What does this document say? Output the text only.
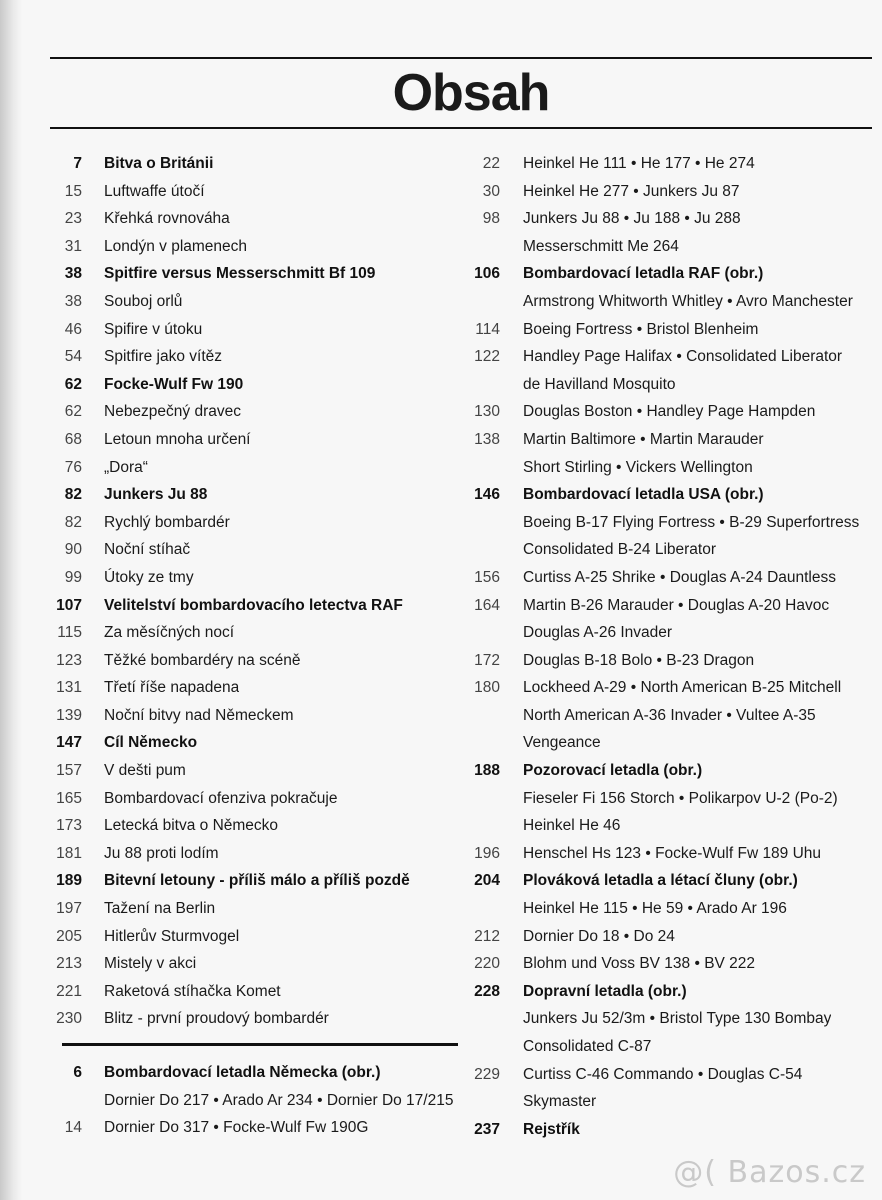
Obsah
7	Bitva o Británii
15	Luftwaffe útočí
23	Křehká rovnováha
31	Londýn v plamenech
38	Spitfire versus Messerschmitt Bf 109
38	Souboj orlů
46	Spifire v útoku
54	Spitfire jako vítěz
62	Focke-Wulf Fw 190
62	Nebezpečný dravec
68	Letoun mnoha určení
76	„Dora“
82	Junkers Ju 88
82	Rychlý bombardér
90	Noční stíhač
99	Útoky ze tmy
107	Velitelství bombardovacího letectva RAF
115	Za měsíčných nocí
123	Těžké bombardéry na scéně
131	Třetí říše napadena
139	Noční bitvy nad Německem
147	Cíl Německo
157	V dešti pum
165	Bombardovací ofenziva pokračuje
173	Letecká bitva o Německo
181	Ju 88 proti lodím
189	Bitevní letouny - příliš málo a příliš pozdě
197	Tažení na Berlin
205	Hitlerův Sturmvogel
213	Mistely v akci
221	Raketová stíhačka Komet
230	Blitz - první proudový bombardér
6	Bombardovací letadla Německa (obr.)
Dornier Do 217 • Arado Ar 234 • Dornier Do 17/215
14	Dornier Do 317 • Focke-Wulf Fw 190G
22	Heinkel He 111 • He 177 • He 274
30	Heinkel He 277 • Junkers Ju 87
98	Junkers Ju 88 • Ju 188 • Ju 288
Messerschmitt Me 264
106	Bombardovací letadla RAF (obr.)
Armstrong Whitworth Whitley • Avro Manchester
114	Boeing Fortress • Bristol Blenheim
122	Handley Page Halifax • Consolidated Liberator
de Havilland Mosquito
130	Douglas Boston • Handley Page Hampden
138	Martin Baltimore • Martin Marauder
Short Stirling • Vickers Wellington
146	Bombardovací letadla USA (obr.)
Boeing B-17 Flying Fortress • B-29 Superfortress
Consolidated B-24 Liberator
156	Curtiss A-25 Shrike • Douglas A-24 Dauntless
164	Martin B-26 Marauder • Douglas A-20 Havoc
Douglas A-26 Invader
172	Douglas B-18 Bolo • B-23 Dragon
180	Lockheed A-29 • North American B-25 Mitchell
North American A-36 Invader • Vultee A-35
Vengeance
188	Pozorovací letadla (obr.)
Fieseler Fi 156 Storch • Polikarpov U-2 (Po-2)
Heinkel He 46
196	Henschel Hs 123 • Focke-Wulf Fw 189 Uhu
204	Plováková letadla a létací čluny (obr.)
Heinkel He 115 • He 59 • Arado Ar 196
212	Dornier Do 18 • Do 24
220	Blohm und Voss BV 138 • BV 222
228	Dopravní letadla (obr.)
Junkers Ju 52/3m • Bristol Type 130 Bombay
Consolidated C-87
229	Curtiss C-46 Commando • Douglas C-54
Skymaster
237	Rejstřík
@( Bazos.cz
